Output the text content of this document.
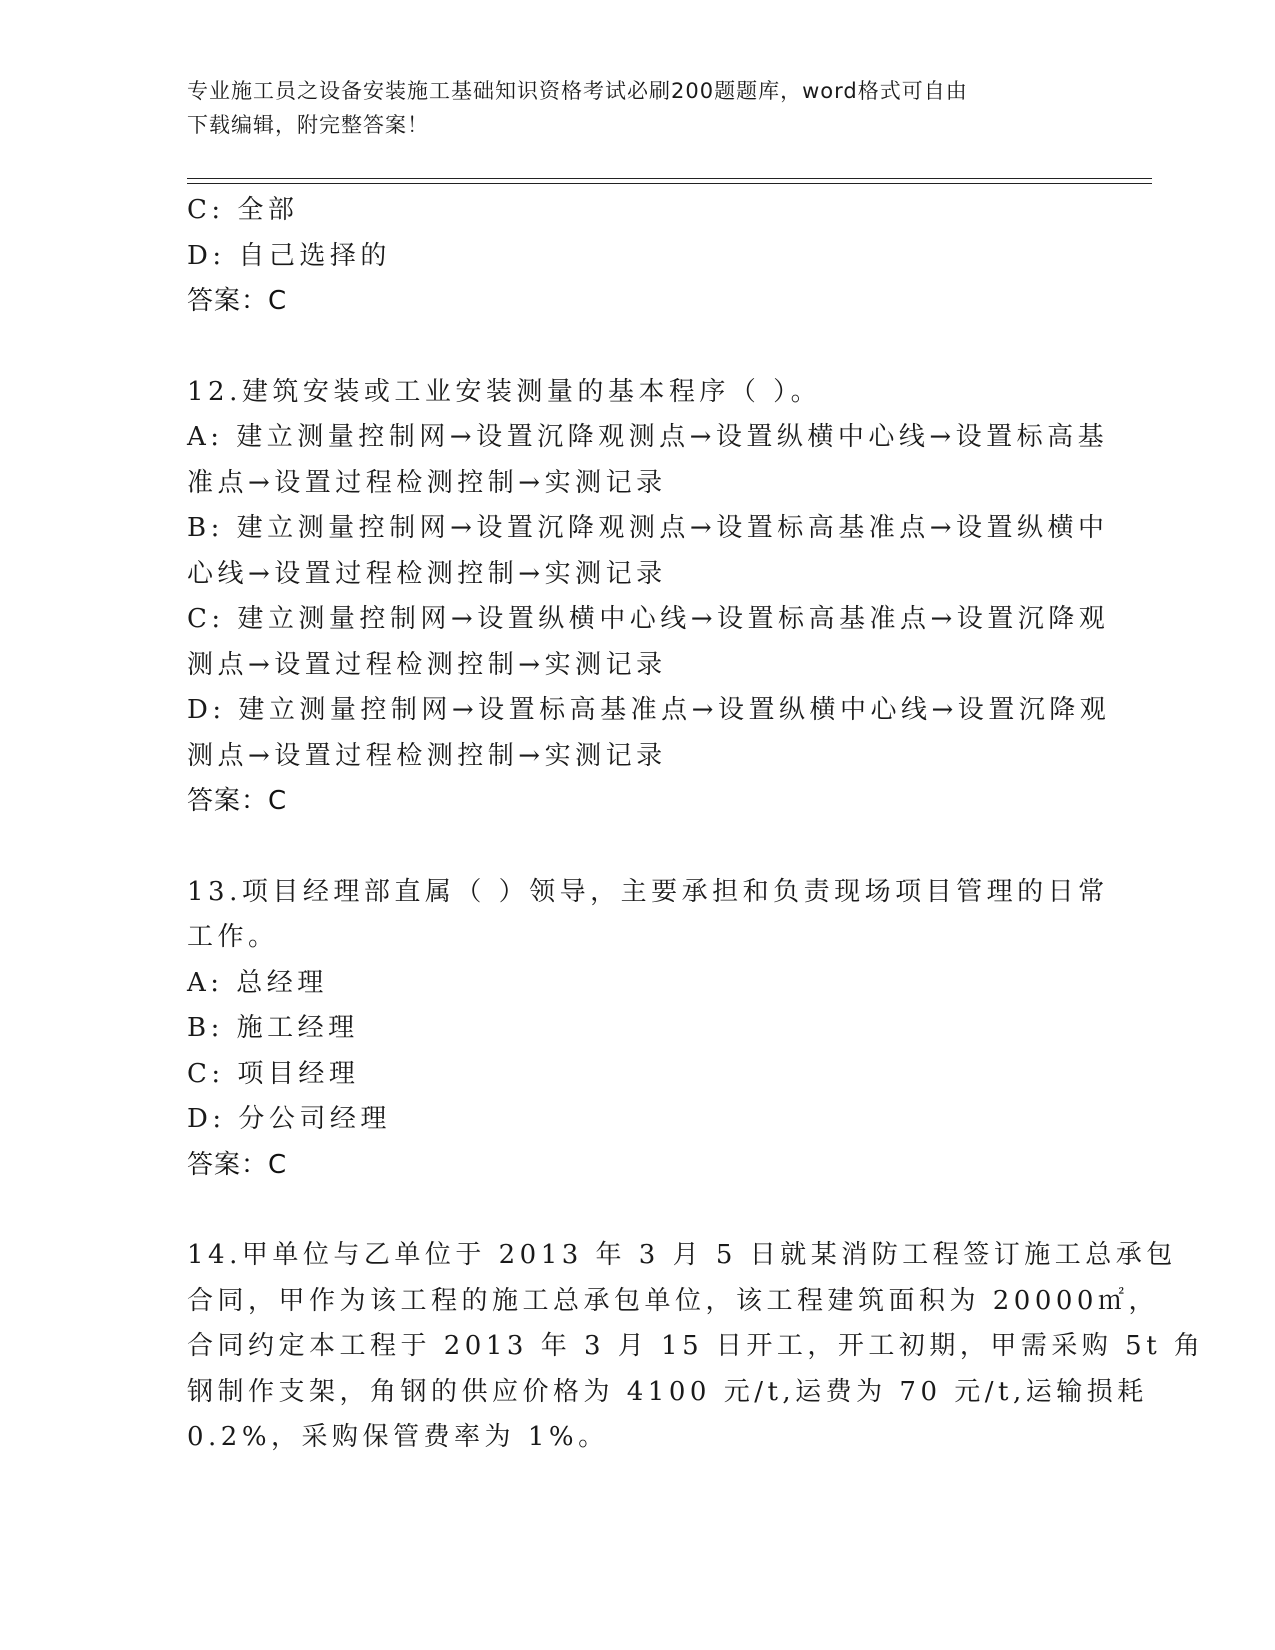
专业施工员之设备安装施工基础知识资格考试必刷200题题库，word格式可自由
下载编辑，附完整答案！
C: 全部
D: 自己选择的
答案：C
12.建筑安装或工业安装测量的基本程序（ ）。
A: 建立测量控制网→设置沉降观测点→设置纵横中心线→设置标高基
准点→设置过程检测控制→实测记录
B: 建立测量控制网→设置沉降观测点→设置标高基准点→设置纵横中
心线→设置过程检测控制→实测记录
C: 建立测量控制网→设置纵横中心线→设置标高基准点→设置沉降观
测点→设置过程检测控制→实测记录
D: 建立测量控制网→设置标高基准点→设置纵横中心线→设置沉降观
测点→设置过程检测控制→实测记录
答案：C
13.项目经理部直属（ ）领导，主要承担和负责现场项目管理的日常
工作。
A: 总经理
B: 施工经理
C: 项目经理
D: 分公司经理
答案：C
14.甲单位与乙单位于 2013 年 3 月 5 日就某消防工程签订施工总承包
合同，甲作为该工程的施工总承包单位，该工程建筑面积为 20000㎡，
合同约定本工程于 2013 年 3 月 15 日开工，开工初期，甲需采购 5t 角
钢制作支架，角钢的供应价格为 4100 元/t,运费为 70 元/t,运输损耗
0.2%，采购保管费率为 1%。
